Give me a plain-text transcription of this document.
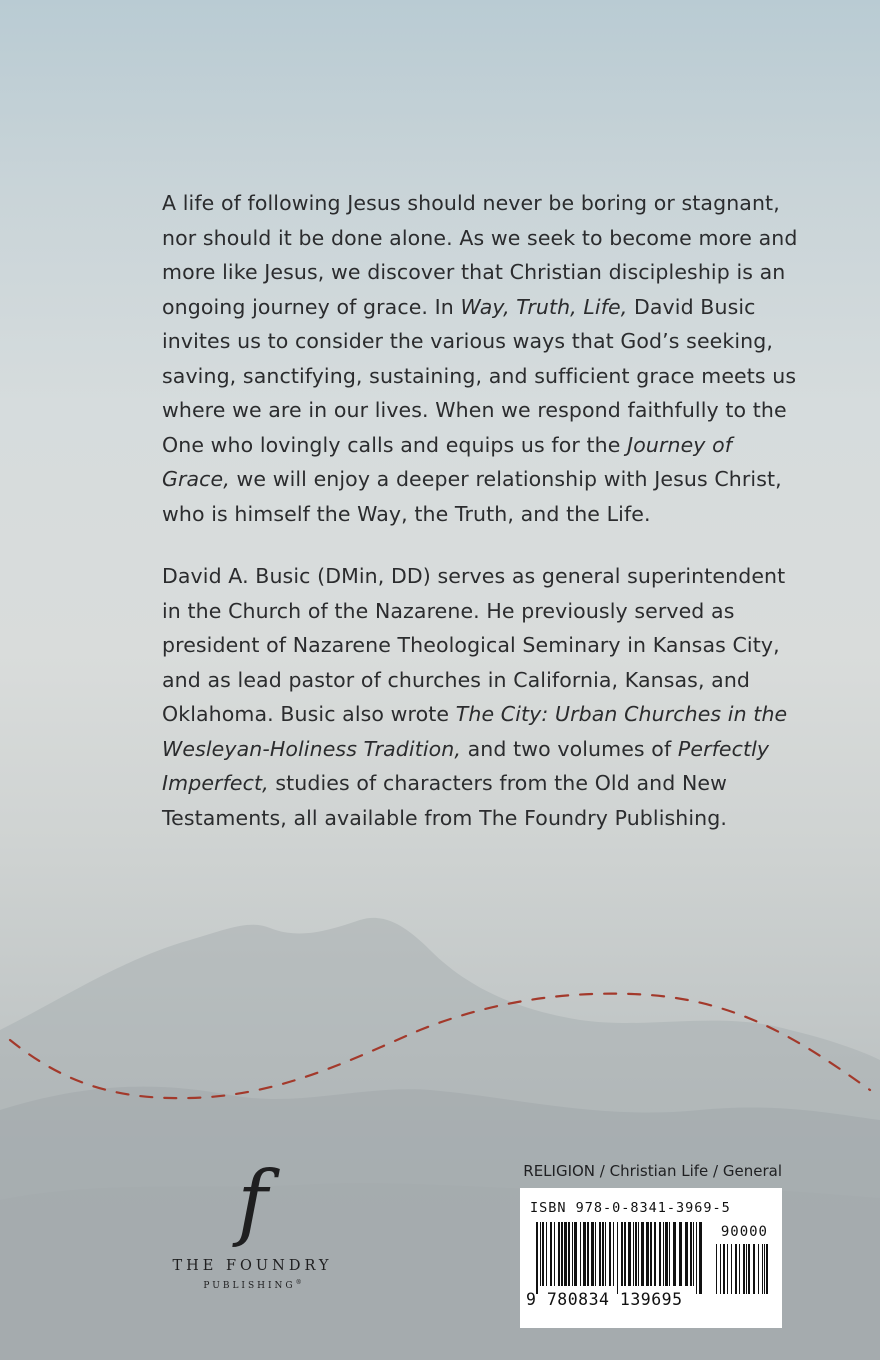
A life of following Jesus should never be boring or stagnant, nor should it be done alone. As we seek to become more and more like Jesus, we discover that Christian discipleship is an ongoing journey of grace. In Way, Truth, Life, David Busic invites us to consider the various ways that God’s seeking, saving, sanctifying, sustaining, and sufficient grace meets us where we are in our lives. When we respond faithfully to the One who lovingly calls and equips us for the Journey of Grace, we will enjoy a deeper relationship with Jesus Christ, who is himself the Way, the Truth, and the Life.

David A. Busic (DMin, DD) serves as general superintendent in the Church of the Nazarene. He previously served as president of Nazarene Theological Seminary in Kansas City, and as lead pastor of churches in California, Kansas, and Oklahoma. Busic also wrote The City: Urban Churches in the Wesleyan-Holiness Tradition, and two volumes of Perfectly Imperfect, studies of characters from the Old and New Testaments, all available from The Foundry Publishing.

f
THE FOUNDRY
PUBLISHING®
RELIGION / Christian Life / General
ISBN 978-0-8341-3969-5
90000
9 780834 139695
